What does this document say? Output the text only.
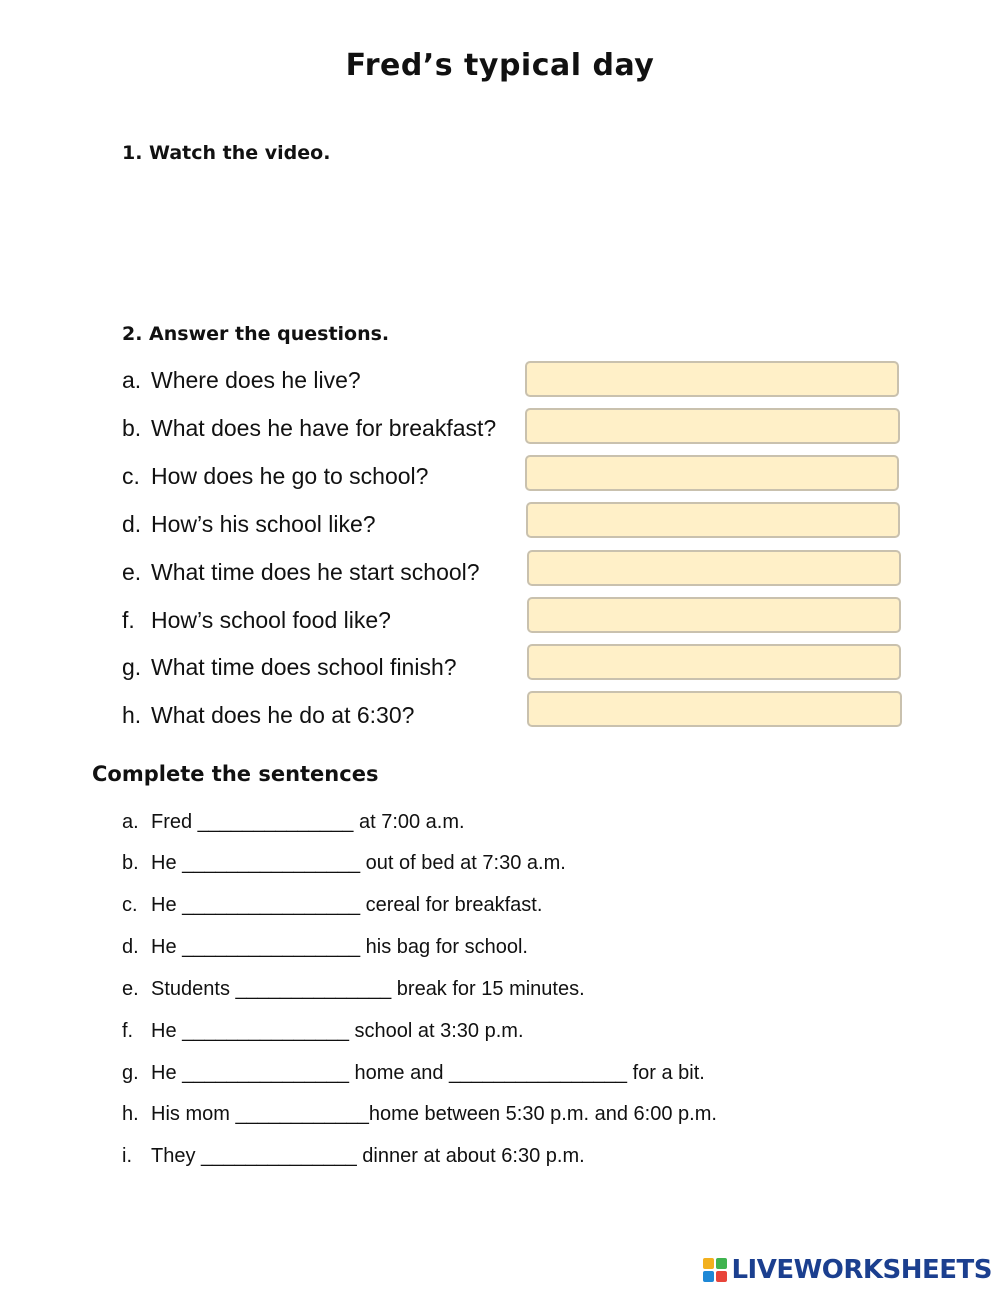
Fred’s typical day
1. Watch the video.
2. Answer the questions.
a. Where does he live?
b. What does he have for breakfast?
c. How does he go to school?
d. How’s his school like?
e. What time does he start school?
f. How’s school food like?
g. What time does school finish?
h. What does he do at 6:30?
Complete the sentences
a. Fred ______________ at 7:00 a.m.
b. He ________________ out of bed at 7:30 a.m.
c. He ________________ cereal for breakfast.
d. He ________________ his bag for school.
e. Students ______________ break for 15 minutes.
f. He _______________ school at 3:30 p.m.
g. He _______________ home and ________________ for a bit.
h. His mom ____________home between 5:30 p.m. and 6:00 p.m.
i. They ______________ dinner at about 6:30 p.m.
LIVEWORKSHEETS
